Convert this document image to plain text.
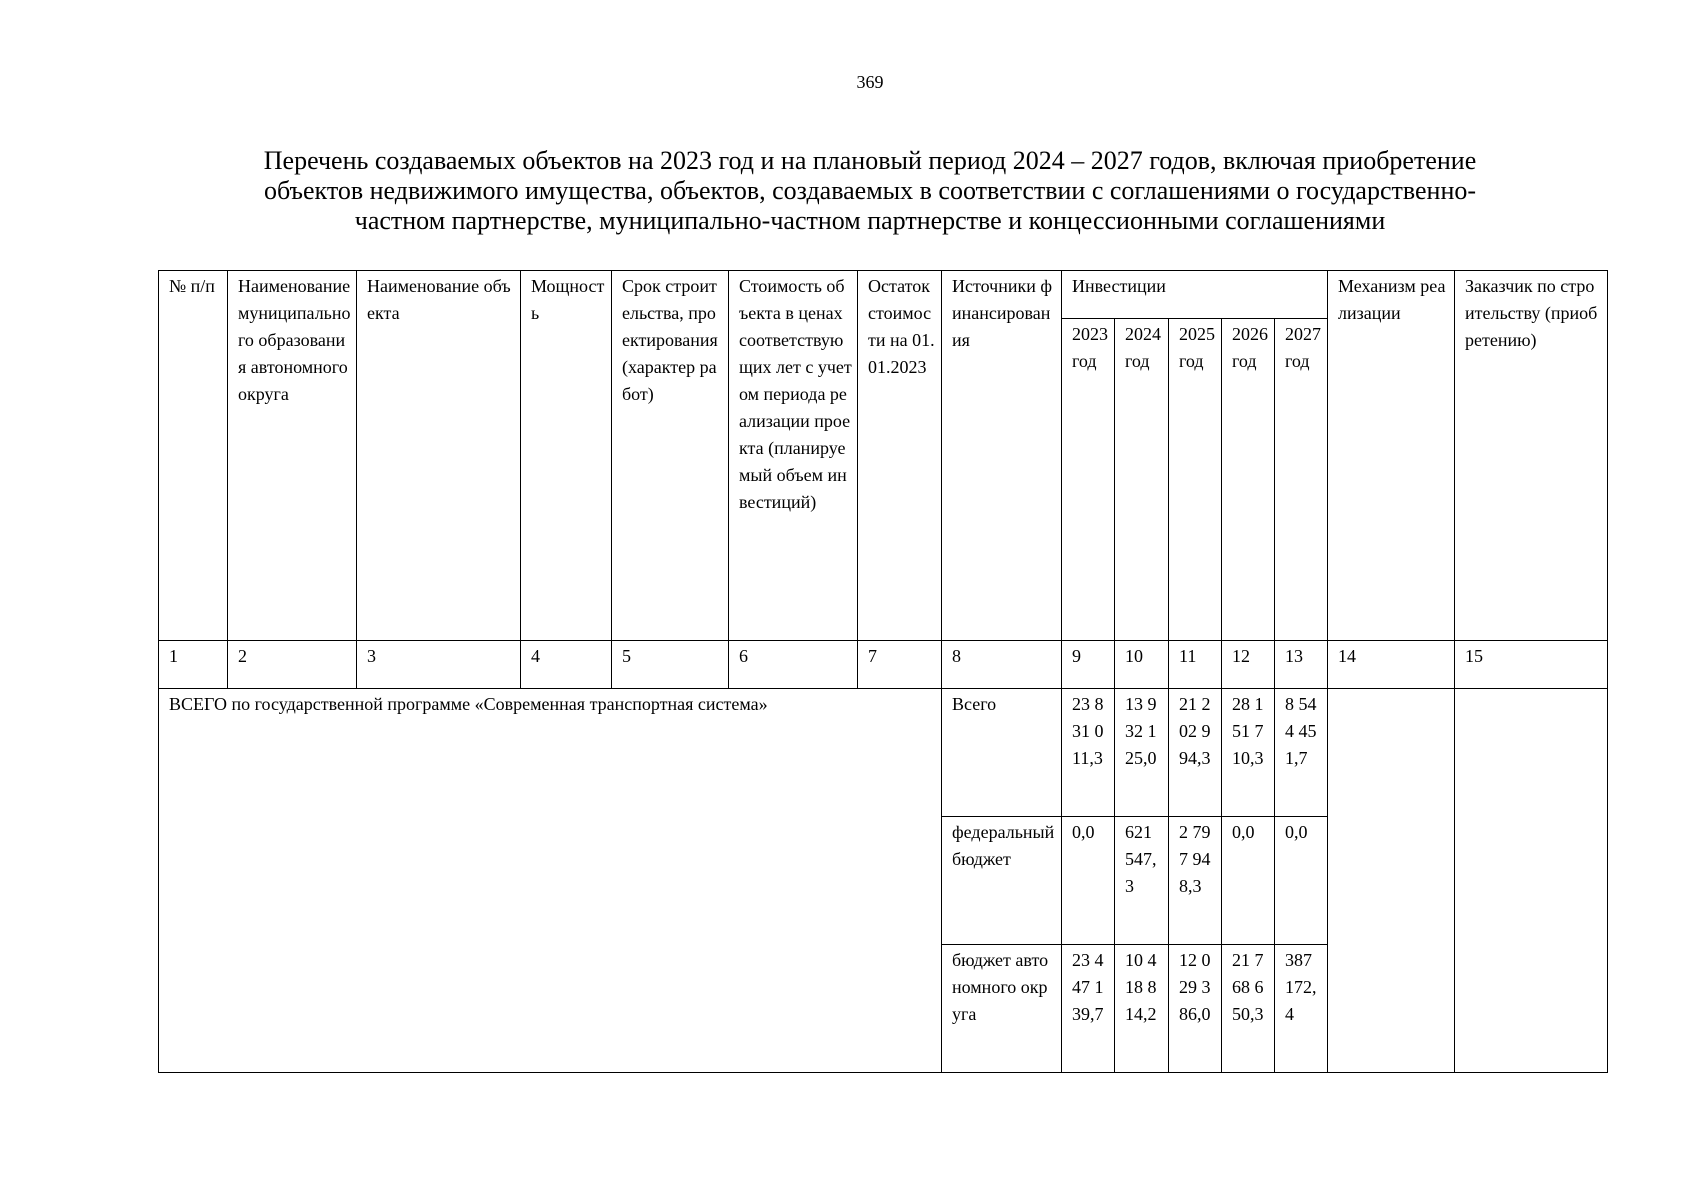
369
Перечень создаваемых объектов на 2023 год и на плановый период 2024 – 2027 годов, включая приобретение
объектов недвижимого имущества, объектов, создаваемых в соответствии с соглашениями о государственно-
частном партнерстве, муниципально-частном партнерстве и концессионными соглашениями
№ п/п	Наименование муниципального образования автономного округа	Наименование объекта	Мощность	Срок строительства, проектирования (характер работ)	Стоимость объекта в ценах соответствующих лет с учетом периода реализации проекта (планируемый объем инвестиций)	Остаток стоимости на 01.01.2023	Источники финансирования	Инвестиции					Механизм реализации	Заказчик по строительству (приобретению)
								2023 год	2024 год	2025 год	2026 год	2027 год		
1	2	3	4	5	6	7	8	9	10	11	12	13	14	15
ВСЕГО по государственной программе «Современная транспортная система»							Всего	23 831 011,3	13 932 125,0	21 202 994,3	28 151 710,3	8 544 451,7		
							федеральный бюджет	0,0	621 547,3	2 797 948,3	0,0	0,0		
							бюджет автономного округа	23 447 139,7	10 418 814,2	12 029 386,0	21 768 650,3	387 172,4		
